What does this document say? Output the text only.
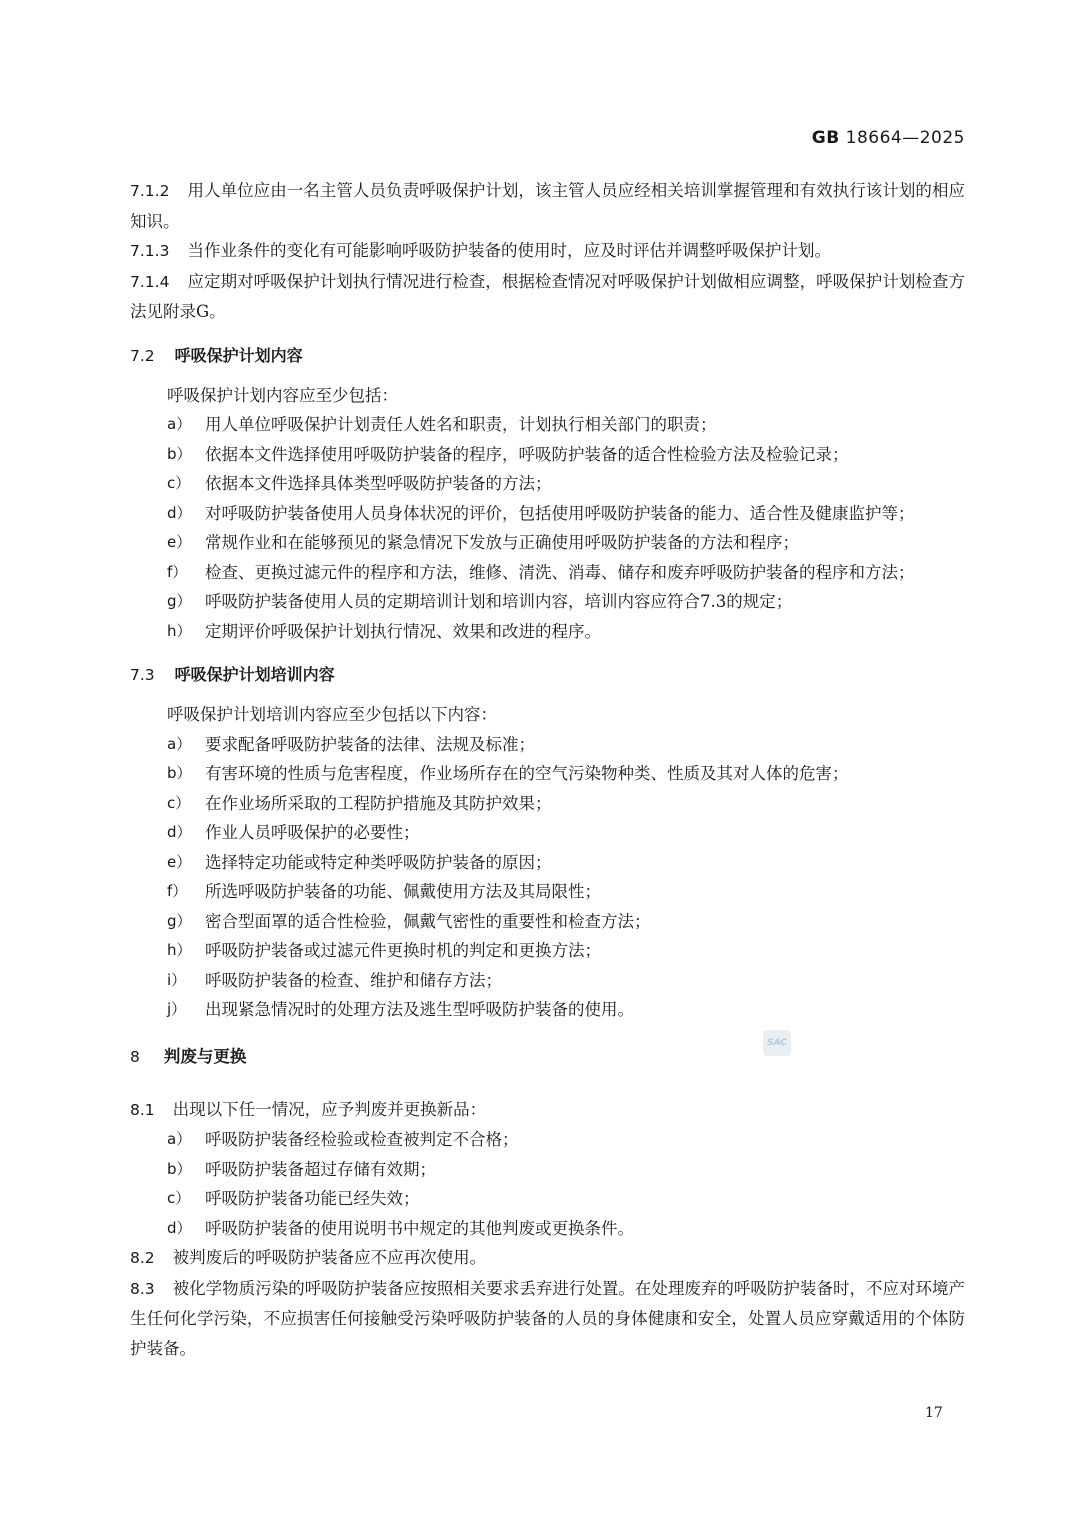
GB 18664—2025

7.1.2 用人单位应由一名主管人员负责呼吸保护计划，该主管人员应经相关培训掌握管理和有效执行该计划的相应知识。

7.1.3 当作业条件的变化有可能影响呼吸防护装备的使用时，应及时评估并调整呼吸保护计划。

7.1.4 应定期对呼吸保护计划执行情况进行检查，根据检查情况对呼吸保护计划做相应调整，呼吸保护计划检查方法见附录G。

7.2 呼吸保护计划内容

呼吸保护计划内容应至少包括：

a） 用人单位呼吸保护计划责任人姓名和职责，计划执行相关部门的职责；
b） 依据本文件选择使用呼吸防护装备的程序，呼吸防护装备的适合性检验方法及检验记录；
c） 依据本文件选择具体类型呼吸防护装备的方法；
d） 对呼吸防护装备使用人员身体状况的评价，包括使用呼吸防护装备的能力、适合性及健康监护等；
e） 常规作业和在能够预见的紧急情况下发放与正确使用呼吸防护装备的方法和程序；
f）	检查、更换过滤元件的程序和方法，维修、清洗、消毒、储存和废弃呼吸防护装备的程序和方法；
g） 呼吸防护装备使用人员的定期培训计划和培训内容，培训内容应符合7.3的规定；
h） 定期评价呼吸保护计划执行情况、效果和改进的程序。
7.3 呼吸保护计划培训内容

呼吸保护计划培训内容应至少包括以下内容：

a） 要求配备呼吸防护装备的法律、法规及标准；
b） 有害环境的性质与危害程度，作业场所存在的空气污染物种类、性质及其对人体的危害；
c） 在作业场所采取的工程防护措施及其防护效果；
d） 作业人员呼吸保护的必要性；
e） 选择特定功能或特定种类呼吸防护装备的原因；
f）	所选呼吸防护装备的功能、佩戴使用方法及其局限性；
g） 密合型面罩的适合性检验，佩戴气密性的重要性和检查方法；
h） 呼吸防护装备或过滤元件更换时机的判定和更换方法；
i）	呼吸防护装备的检查、维护和储存方法；
j）	出现紧急情况时的处理方法及逃生型呼吸防护装备的使用。
8 判废与更换

8.1 出现以下任一情况，应予判废并更换新品：

a） 呼吸防护装备经检验或检查被判定不合格；
b） 呼吸防护装备超过存储有效期；
c） 呼吸防护装备功能已经失效；
d） 呼吸防护装备的使用说明书中规定的其他判废或更换条件。

8.2 被判废后的呼吸防护装备应不应再次使用。

8.3 被化学物质污染的呼吸防护装备应按照相关要求丢弃进行处置。在处理废弃的呼吸防护装备时，不应对环境产生任何化学污染，不应损害任何接触受污染呼吸防护装备的人员的身体健康和安全，处置人员应穿戴适用的个体防护装备。

SAC
17
